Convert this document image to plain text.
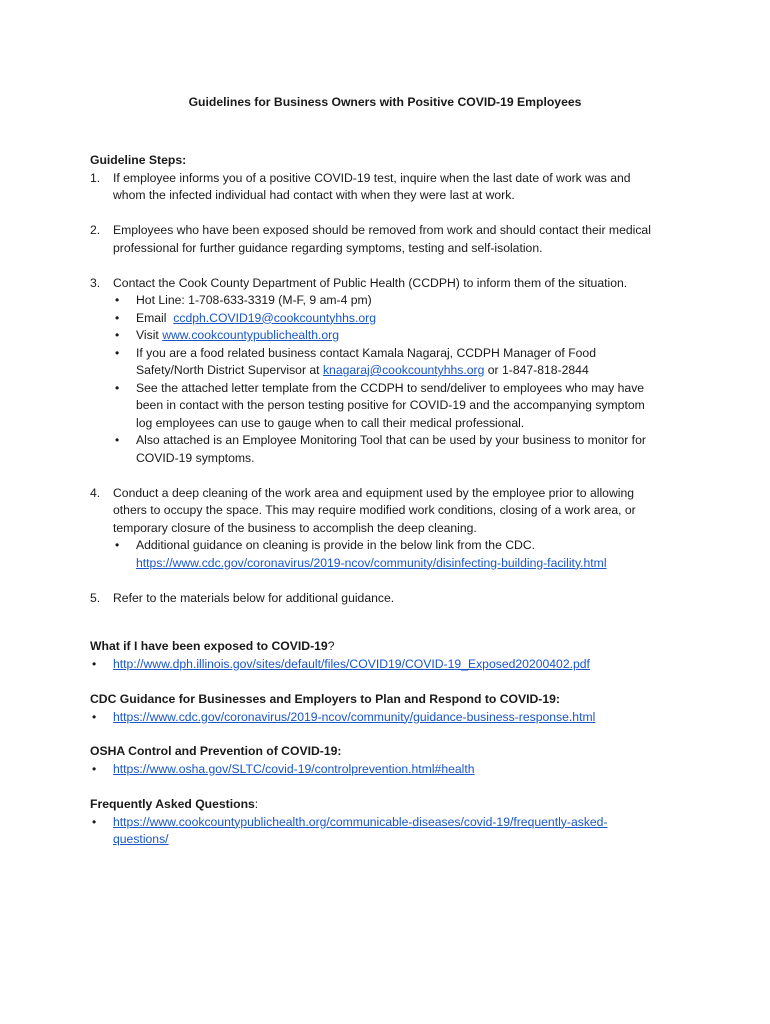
Guidelines for Business Owners with Positive COVID-19 Employees
Guideline Steps:
1. If employee informs you of a positive COVID-19 test, inquire when the last date of work was and
whom the infected individual had contact with when they were last at work.
2. Employees who have been exposed should be removed from work and should contact their medical
professional for further guidance regarding symptoms, testing and self-isolation.
3. Contact the Cook County Department of Public Health (CCDPH) to inform them of the situation.
• Hot Line: 1-708-633-3319 (M-F, 9 am-4 pm)
• Email ccdph.COVID19@cookcountyhhs.org
• Visit www.cookcountypublichealth.org
• If you are a food related business contact Kamala Nagaraj, CCDPH Manager of Food
Safety/North District Supervisor at knagaraj@cookcountyhhs.org or 1-847-818-2844
• See the attached letter template from the CCDPH to send/deliver to employees who may have
been in contact with the person testing positive for COVID-19 and the accompanying symptom
log employees can use to gauge when to call their medical professional.
• Also attached is an Employee Monitoring Tool that can be used by your business to monitor for
COVID-19 symptoms.
4. Conduct a deep cleaning of the work area and equipment used by the employee prior to allowing
others to occupy the space. This may require modified work conditions, closing of a work area, or
temporary closure of the business to accomplish the deep cleaning.
• Additional guidance on cleaning is provide in the below link from the CDC.
https://www.cdc.gov/coronavirus/2019-ncov/community/disinfecting-building-facility.html
5. Refer to the materials below for additional guidance.
What if I have been exposed to COVID-19?
• http://www.dph.illinois.gov/sites/default/files/COVID19/COVID-19_Exposed20200402.pdf
CDC Guidance for Businesses and Employers to Plan and Respond to COVID-19:
• https://www.cdc.gov/coronavirus/2019-ncov/community/guidance-business-response.html
OSHA Control and Prevention of COVID-19:
• https://www.osha.gov/SLTC/covid-19/controlprevention.html#health
Frequently Asked Questions:
• https://www.cookcountypublichealth.org/communicable-diseases/covid-19/frequently-asked-
questions/
